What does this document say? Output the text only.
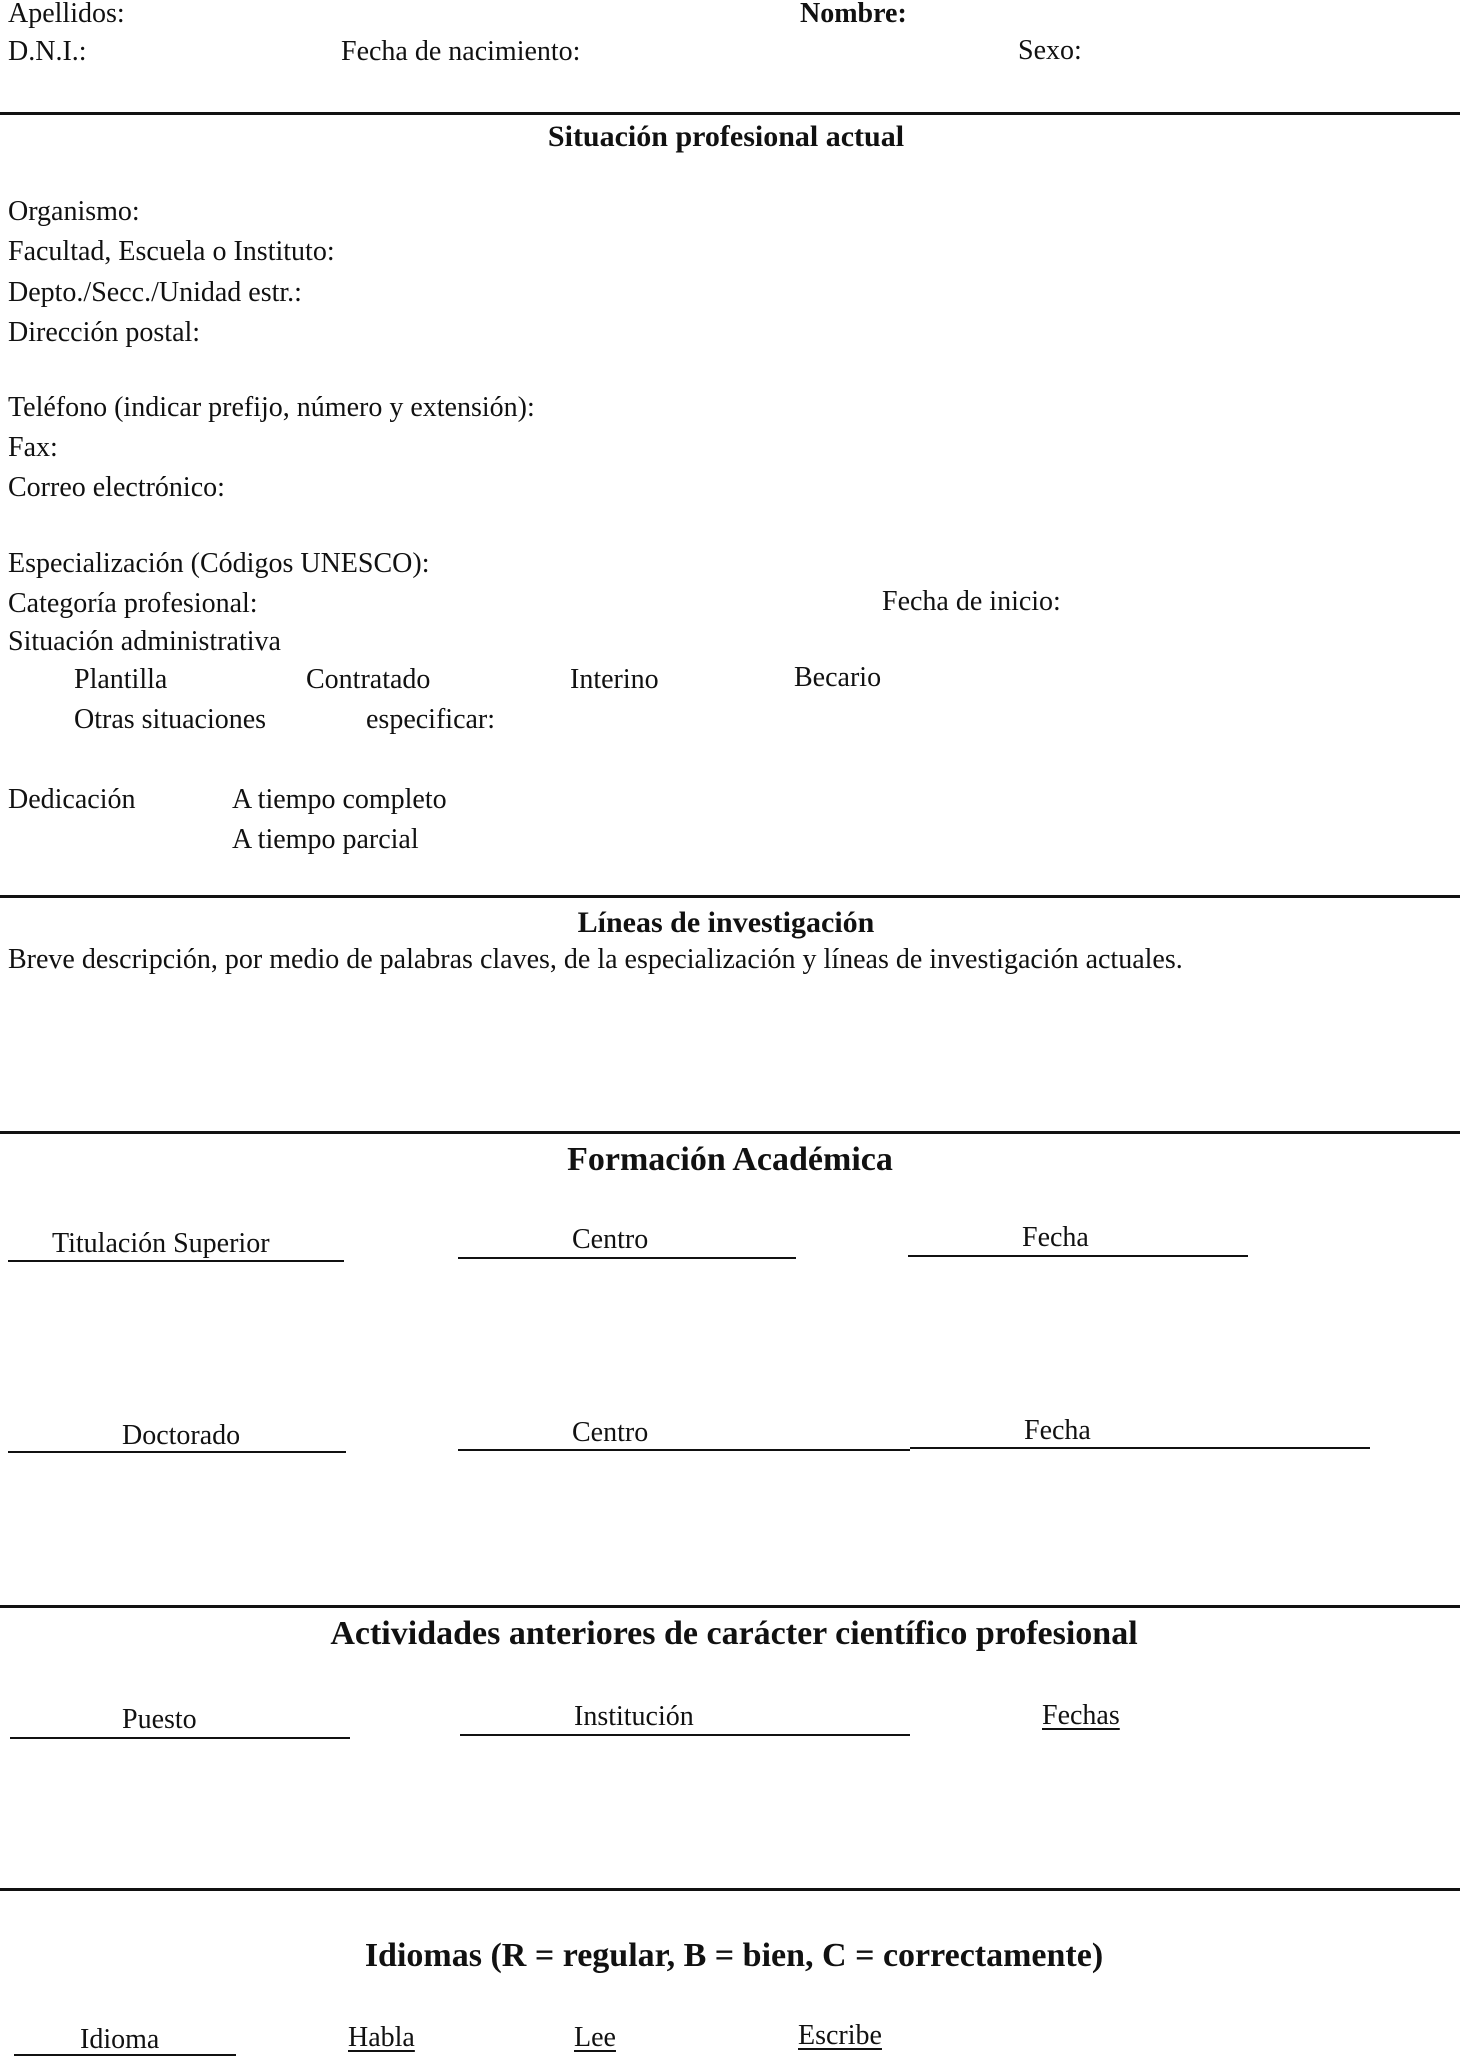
Apellidos:	Nombre:
D.N.I.:	Fecha de nacimiento:	Sexo:
Situación profesional actual
Organismo:
Facultad, Escuela o Instituto:
Depto./Secc./Unidad estr.:
Dirección postal:
Teléfono (indicar prefijo, número y extensión):
Fax:
Correo electrónico:
Especialización (Códigos UNESCO):
Categoría profesional:	Fecha de inicio:
Situación administrativa
Plantilla	Contratado	Interino	Becario
Otras situaciones	especificar:
Dedicación	A tiempo completo
A tiempo parcial
Líneas de investigación
Breve descripción, por medio de palabras claves, de la especialización y líneas de investigación actuales.
Formación Académica
Titulación Superior	Centro	Fecha
Doctorado	Centro	Fecha
Actividades anteriores de carácter científico profesional
Puesto	Institución	Fechas
Idiomas (R = regular, B = bien, C = correctamente)
Idioma	Habla	Lee	Escribe
